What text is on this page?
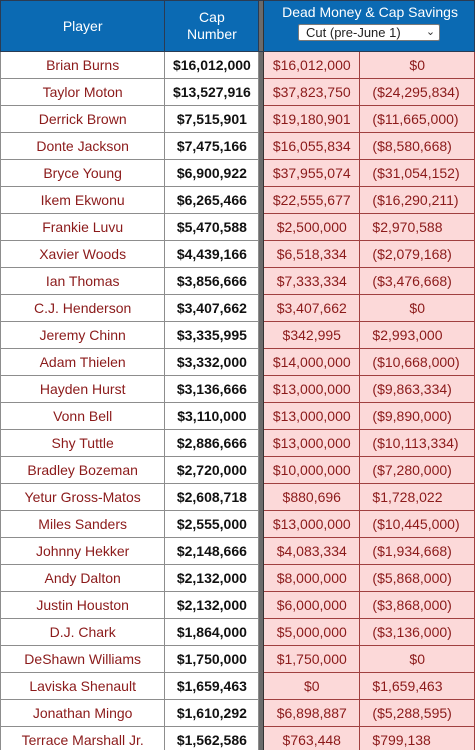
Player	Cap
Number		Dead Money & Cap Savings
Cut (pre-June 1) ⌄	

Brian Burns	$16,012,000		$16,012,000	$0
Taylor Moton	$13,527,916		$37,823,750	($24,295,834)
Derrick Brown	$7,515,901		$19,180,901	($11,665,000)
Donte Jackson	$7,475,166		$16,055,834	($8,580,668)
Bryce Young	$6,900,922		$37,955,074	($31,054,152)
Ikem Ekwonu	$6,265,466		$22,555,677	($16,290,211)
Frankie Luvu	$5,470,588		$2,500,000	$2,970,588
Xavier Woods	$4,439,166		$6,518,334	($2,079,168)
Ian Thomas	$3,856,666		$7,333,334	($3,476,668)
C.J. Henderson	$3,407,662		$3,407,662	$0
Jeremy Chinn	$3,335,995		$342,995	$2,993,000
Adam Thielen	$3,332,000		$14,000,000	($10,668,000)
Hayden Hurst	$3,136,666		$13,000,000	($9,863,334)
Vonn Bell	$3,110,000		$13,000,000	($9,890,000)
Shy Tuttle	$2,886,666		$13,000,000	($10,113,334)
Bradley Bozeman	$2,720,000		$10,000,000	($7,280,000)
Yetur Gross-Matos	$2,608,718		$880,696	$1,728,022
Miles Sanders	$2,555,000		$13,000,000	($10,445,000)
Johnny Hekker	$2,148,666		$4,083,334	($1,934,668)
Andy Dalton	$2,132,000		$8,000,000	($5,868,000)
Justin Houston	$2,132,000		$6,000,000	($3,868,000)
D.J. Chark	$1,864,000		$5,000,000	($3,136,000)
DeShawn Williams	$1,750,000		$1,750,000	$0
Laviska Shenault	$1,659,463		$0	$1,659,463
Jonathan Mingo	$1,610,292		$6,898,887	($5,288,595)
Terrace Marshall Jr.	$1,562,586		$763,448	$799,138
